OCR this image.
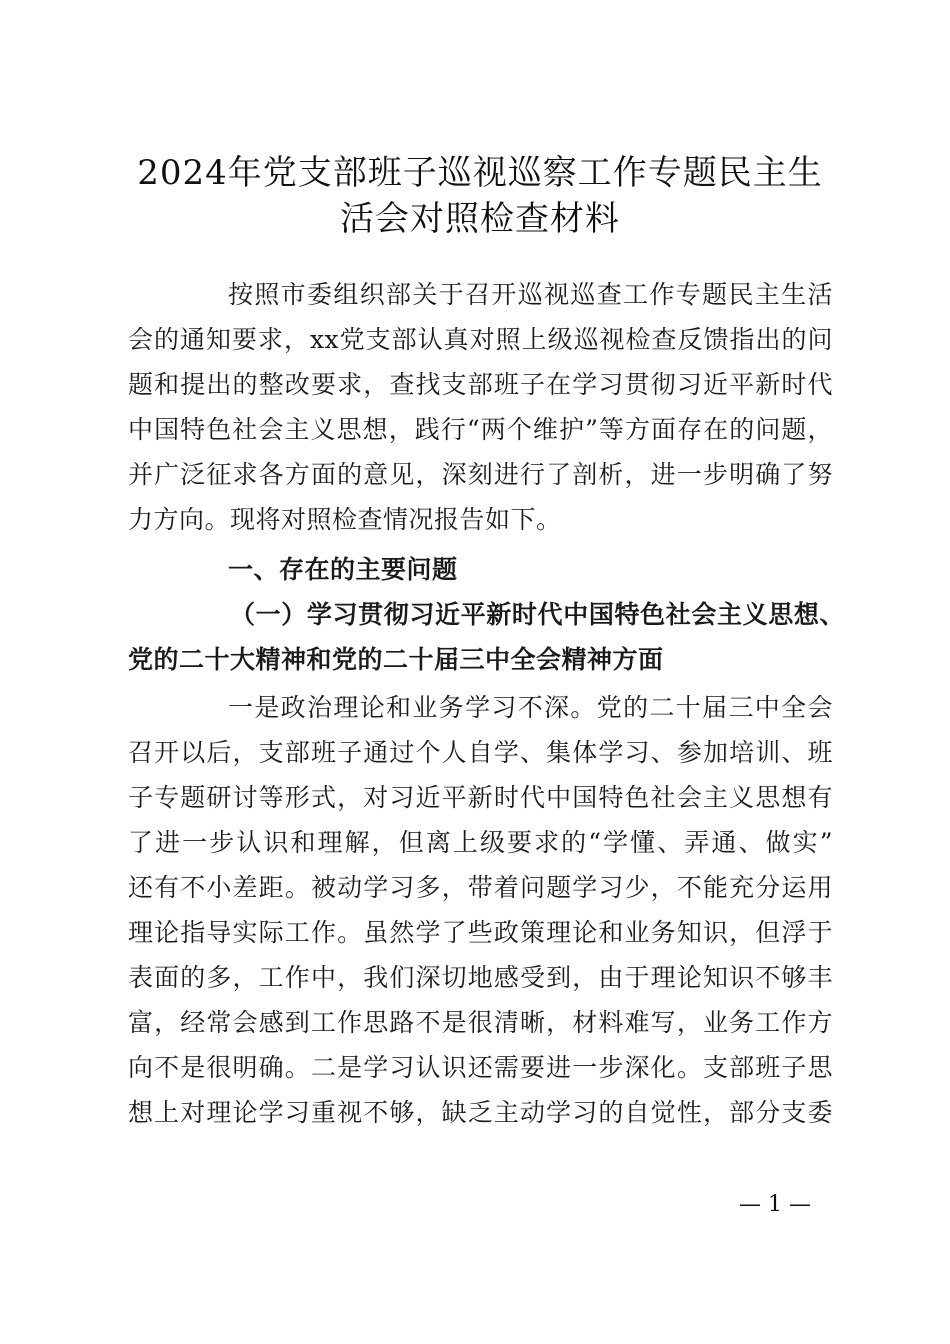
2024年党支部班子巡视巡察工作专题民主生
活会对照检查材料
按照市委组织部关于召开巡视巡查工作专题民主生活
会的通知要求，xx党支部认真对照上级巡视检查反馈指出的问
题和提出的整改要求，查找支部班子在学习贯彻习近平新时代
中国特色社会主义思想，践行“两个维护”等方面存在的问题，
并广泛征求各方面的意见，深刻进行了剖析，进一步明确了努
力方向。现将对照检查情况报告如下。
一、存在的主要问题
（一）学习贯彻习近平新时代中国特色社会主义思想、
党的二十大精神和党的二十届三中全会精神方面
一是政治理论和业务学习不深。党的二十届三中全会
召开以后，支部班子通过个人自学、集体学习、参加培训、班
子专题研讨等形式，对习近平新时代中国特色社会主义思想有
了进一步认识和理解，但离上级要求的“学懂、弄通、做实”
还有不小差距。被动学习多，带着问题学习少，不能充分运用
理论指导实际工作。虽然学了些政策理论和业务知识，但浮于
表面的多，工作中，我们深切地感受到，由于理论知识不够丰
富，经常会感到工作思路不是很清晰，材料难写，业务工作方
向不是很明确。二是学习认识还需要进一步深化。支部班子思
想上对理论学习重视不够，缺乏主动学习的自觉性，部分支委
— 1 —
